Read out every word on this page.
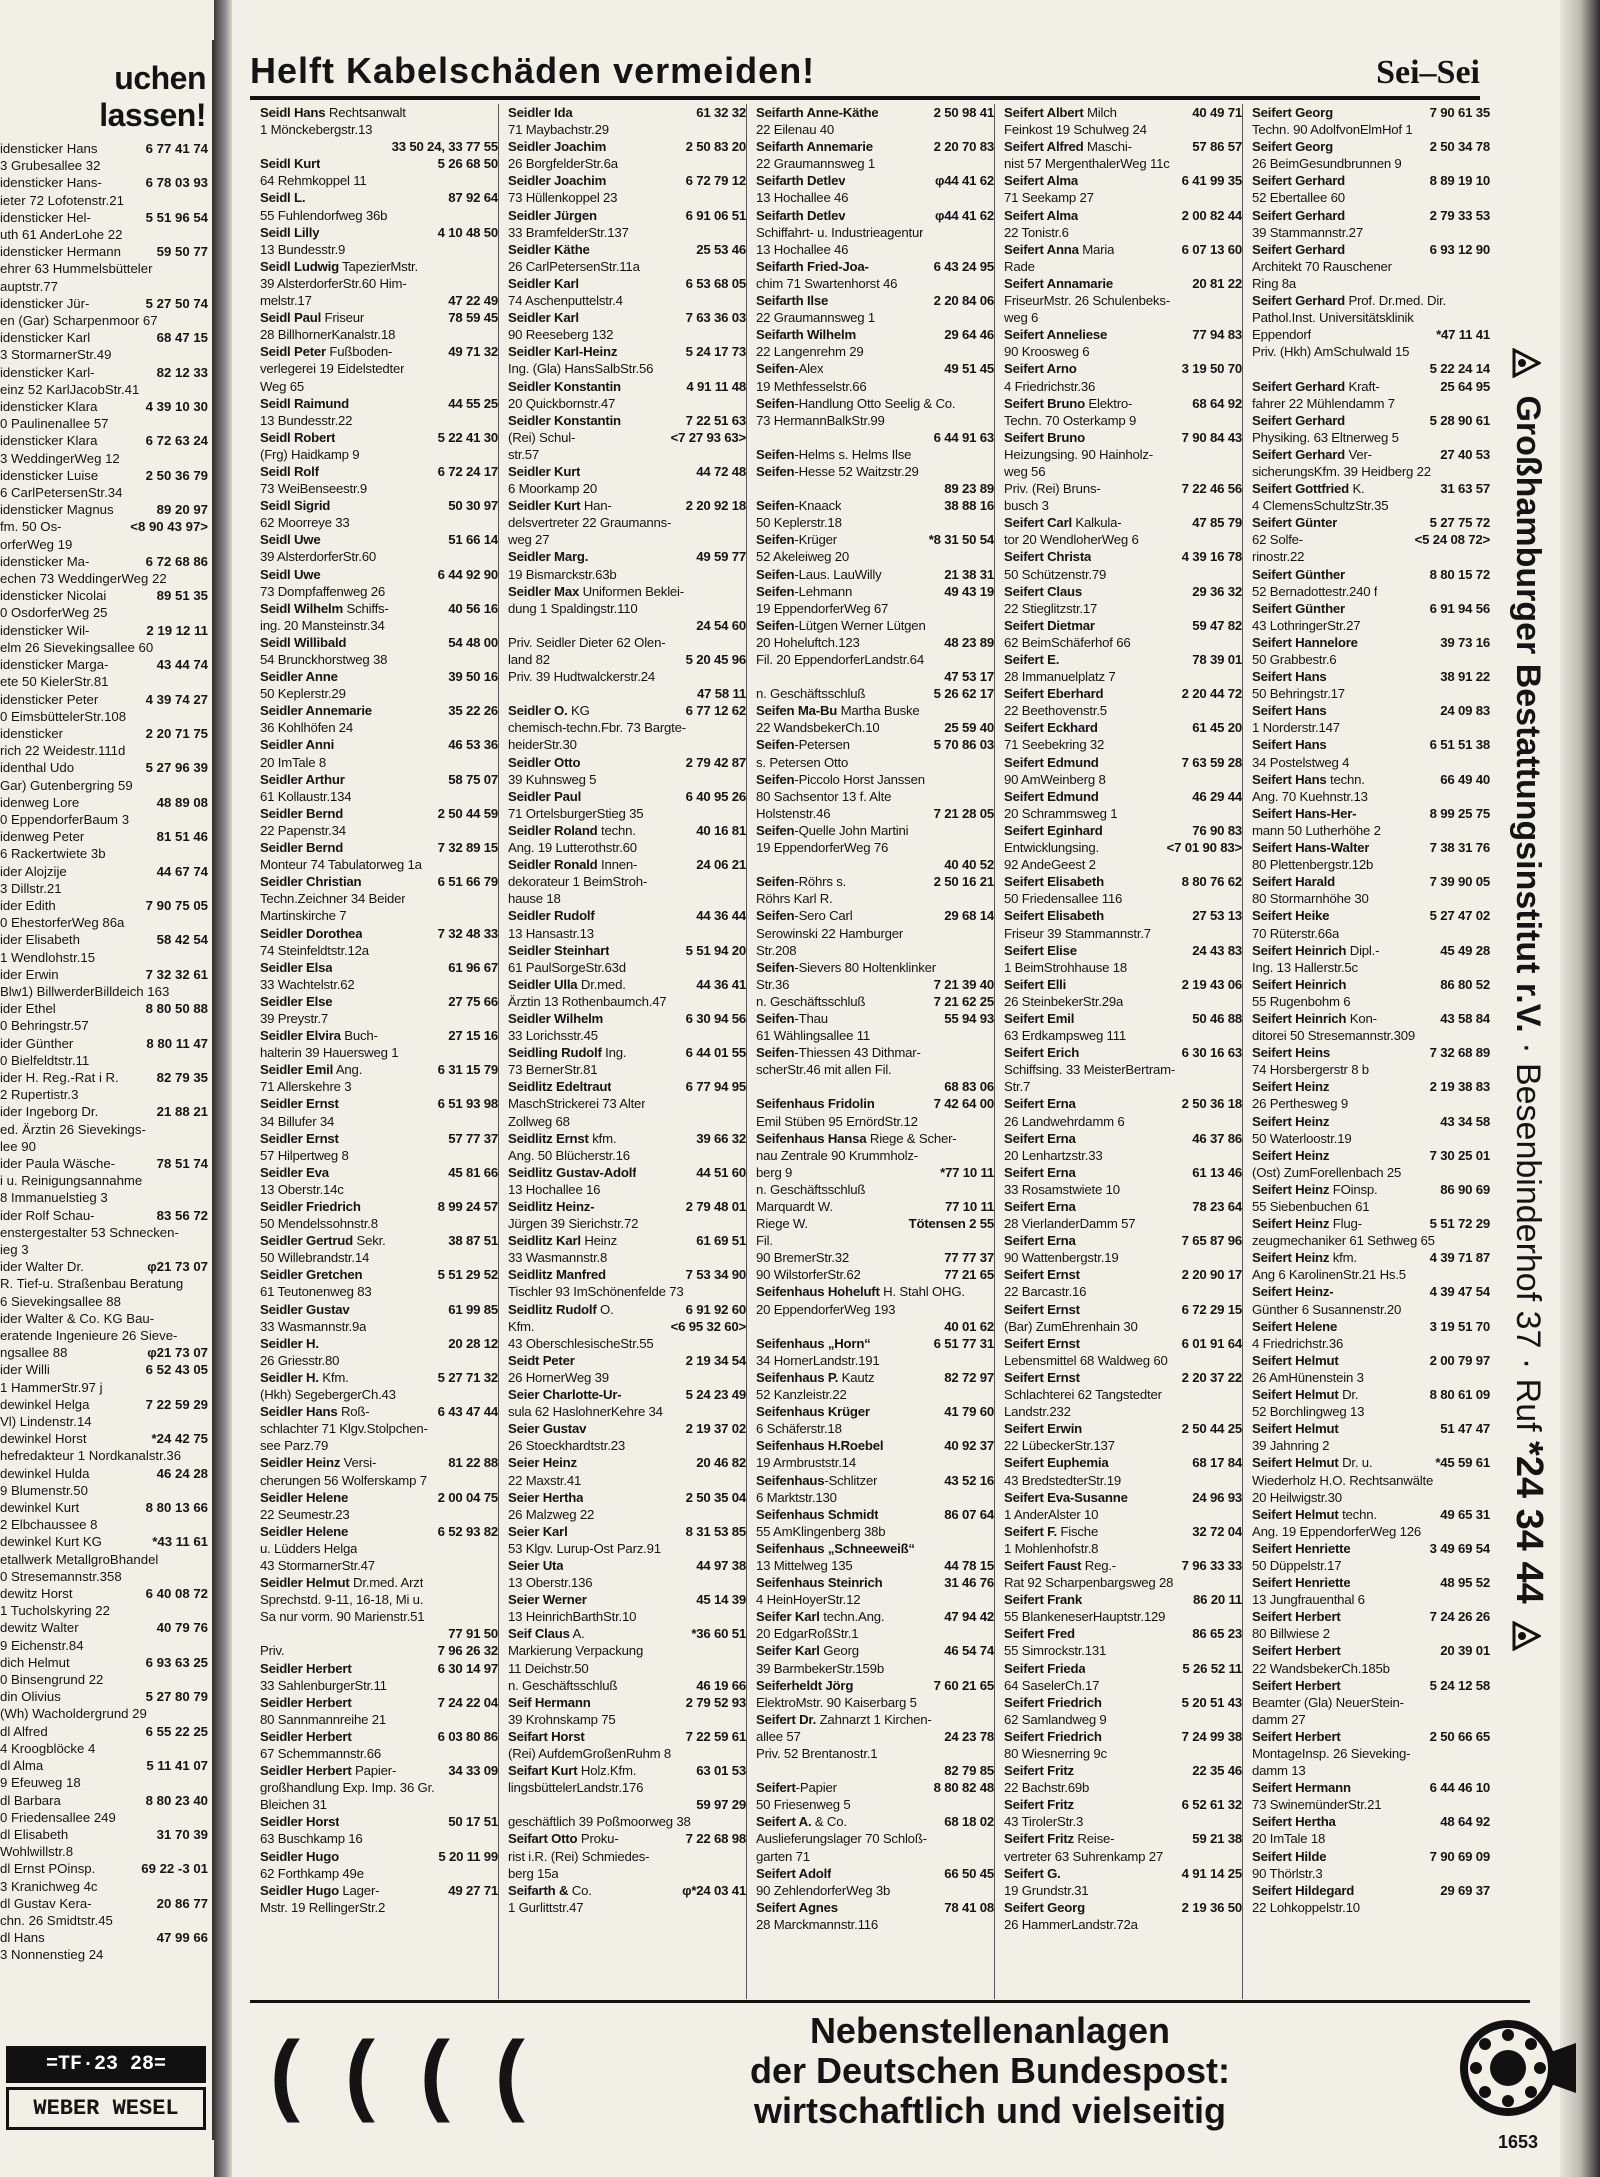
uchen lassen!
idensticker Hans	6 77 41 74
3 Grubesallee 32
idensticker Hans-	6 78 03 93
ieter 72 Lofotenstr.21
idensticker Hel-	5 51 96 54
uth 61 AnderLohe 22
idensticker Hermann	59 50 77
ehrer 63 Hummelsbütteler
auptstr.77
idensticker Jür-	5 27 50 74
en (Gar) Scharpenmoor 67
idensticker Karl	68 47 15
3 StormarnerStr.49
idensticker Karl-	82 12 33
einz 52 KarlJacobStr.41
idensticker Klara	4 39 10 30
0 Paulinenallee 57
idensticker Klara	6 72 63 24
3 WeddingerWeg 12
idensticker Luise	2 50 36 79
6 CarlPetersenStr.34
idensticker Magnus	89 20 97
fm. 50 Os-	<8 90 43 97>
orferWeg 19
idensticker Ma-	6 72 68 86
echen 73 WeddingerWeg 22
idensticker Nicolai	89 51 35
0 OsdorferWeg 25
idensticker Wil-	2 19 12 11
elm 26 Sievekingsallee 60
idensticker Marga-	43 44 74
ete 50 KielerStr.81
idensticker Peter	4 39 74 27
0 EimsbüttelerStr.108
idensticker	2 20 71 75
rich 22 Weidestr.111d
identhal Udo	5 27 96 39
Gar) Gutenbergring 59
idenweg Lore	48 89 08
0 EppendorferBaum 3
idenweg Peter	81 51 46
6 Rackertwiete 3b
ider Alojzije	44 67 74
3 Dillstr.21
ider Edith	7 90 75 05
0 EhestorferWeg 86a
ider Elisabeth	58 42 54
1 Wendlohstr.15
ider Erwin	7 32 32 61
Blw1) BillwerderBilldeich 163
ider Ethel	8 80 50 88
0 Behringstr.57
ider Günther	8 80 11 47
0 Bielfeldtstr.11
ider H. Reg.-Rat i R.	82 79 35
2 Rupertistr.3
ider Ingeborg Dr.	21 88 21
ed. Ärztin 26 Sievekings-
lee 90
ider Paula Wäsche-	78 51 74
i u. Reinigungsannahme
8 Immanuelstieg 3
ider Rolf Schau-	83 56 72
enstergestalter 53 Schnecken-
ieg 3
ider Walter Dr.	φ21 73 07
R. Tief-u. Straßenbau Beratung
6 Sievekingsallee 88
ider Walter & Co. KG Bau-
eratende Ingenieure 26 Sieve-
ngsallee 88	φ21 73 07
ider Willi	6 52 43 05
1 HammerStr.97 j
dewinkel Helga	7 22 59 29
Vl) Lindenstr.14
dewinkel Horst	*24 42 75
hefredakteur 1 Nordkanalstr.36
dewinkel Hulda	46 24 28
9 Blumenstr.50
dewinkel Kurt	8 80 13 66
2 Elbchaussee 8
dewinkel Kurt KG	*43 11 61
etallwerk MetallgroBhandel
0 Stresemannstr.358
dewitz Horst	6 40 08 72
1 Tucholskyring 22
dewitz Walter	40 79 76
9 Eichenstr.84
dich Helmut	6 93 63 25
0 Binsengrund 22
din Olivius	5 27 80 79
(Wh) Wacholdergrund 29
dl Alfred	6 55 22 25
4 Kroogblöcke 4
dl Alma	5 11 41 07
9 Efeuweg 18
dl Barbara	8 80 23 40
0 Friedensallee 249
dl Elisabeth	31 70 39
Wohlwillstr.8
dl Ernst POinsp.	69 22 -3 01
3 Kranichweg 4c
dl Gustav Kera-	20 86 77
chn. 26 Smidtstr.45
dl Hans	47 99 66
3 Nonnenstieg 24
=TF·23 28=
WEBER WESEL
Helft Kabelschäden vermeiden!	Sei–Sei
Seidl Hans Rechtsanwalt
1 Mönckebergstr.13
33 50 24, 33 77 55
Seidl Kurt	5 26 68 50
64 Rehmkoppel 11
Seidl L.	87 92 64
55 Fuhlendorfweg 36b
Seidl Lilly	4 10 48 50
13 Bundesstr.9
Seidl Ludwig TapezierMstr.
39 AlsterdorferStr.60 Him-
melstr.17	47 22 49
Seidl Paul Friseur	78 59 45
28 BillhornerKanalstr.18
Seidl Peter Fußboden-	49 71 32
verlegerei 19 Eidelstedter
Weg 65
Seidl Raimund	44 55 25
13 Bundesstr.22
Seidl Robert	5 22 41 30
(Frg) Haidkamp 9
Seidl Rolf	6 72 24 17
73 WeiBenseestr.9
Seidl Sigrid	50 30 97
62 Moorreye 33
Seidl Uwe	51 66 14
39 AlsterdorferStr.60
Seidl Uwe	6 44 92 90
73 Dompfaffenweg 26
Seidl Wilhelm Schiffs-	40 56 16
ing. 20 Mansteinstr.34
Seidl Willibald	54 48 00
54 Brunckhorstweg 38
Seidler Anne	39 50 16
50 Keplerstr.29
Seidler Annemarie	35 22 26
36 Kohlhöfen 24
Seidler Anni	46 53 36
20 ImTale 8
Seidler Arthur	58 75 07
61 Kollaustr.134
Seidler Bernd	2 50 44 59
22 Papenstr.34
Seidler Bernd	7 32 89 15
Monteur 74 Tabulatorweg 1a
Seidler Christian	6 51 66 79
Techn.Zeichner 34 Beider
Martinskirche 7
Seidler Dorothea	7 32 48 33
74 Steinfeldtstr.12a
Seidler Elsa	61 96 67
33 Wachtelstr.62
Seidler Else	27 75 66
39 Preystr.7
Seidler Elvira Buch-	27 15 16
halterin 39 Hauersweg 1
Seidler Emil Ang.	6 31 15 79
71 Allerskehre 3
Seidler Ernst	6 51 93 98
34 Billufer 34
Seidler Ernst	57 77 37
57 Hilpertweg 8
Seidler Eva	45 81 66
13 Oberstr.14c
Seidler Friedrich	8 99 24 57
50 Mendelssohnstr.8
Seidler Gertrud Sekr.	38 87 51
50 Willebrandstr.14
Seidler Gretchen	5 51 29 52
61 Teutonenweg 83
Seidler Gustav	61 99 85
33 Wasmannstr.9a
Seidler H.	20 28 12
26 Griesstr.80
Seidler H. Kfm.	5 27 71 32
(Hkh) SegebergerCh.43
Seidler Hans Roß-	6 43 47 44
schlachter 71 Klgv.Stolpchen-
see Parz.79
Seidler Heinz Versi-	81 22 88
cherungen 56 Wolferskamp 7
Seidler Helene	2 00 04 75
22 Seumestr.23
Seidler Helene	6 52 93 82
u. Lüdders Helga
43 StormarnerStr.47
Seidler Helmut Dr.med. Arzt
Sprechstd. 9-11, 16-18, Mi u.
Sa nur vorm. 90 Marienstr.51
77 91 50
Priv.	7 96 26 32
Seidler Herbert	6 30 14 97
33 SahlenburgerStr.11
Seidler Herbert	7 24 22 04
80 Sannmannreihe 21
Seidler Herbert	6 03 80 86
67 Schemmannstr.66
Seidler Herbert Papier-	34 33 09
großhandlung Exp. Imp. 36 Gr.
Bleichen 31
Seidler Horst	50 17 51
63 Buschkamp 16
Seidler Hugo	5 20 11 99
62 Forthkamp 49e
Seidler Hugo Lager-	49 27 71
Mstr. 19 RellingerStr.2
Seidler Ida	61 32 32
71 Maybachstr.29
Seidler Joachim	2 50 83 20
26 BorgfelderStr.6a
Seidler Joachim	6 72 79 12
73 Hüllenkoppel 23
Seidler Jürgen	6 91 06 51
33 BramfelderStr.137
Seidler Käthe	25 53 46
26 CarlPetersenStr.11a
Seidler Karl	6 53 68 05
74 Aschenputtelstr.4
Seidler Karl	7 63 36 03
90 Reeseberg 132
Seidler Karl-Heinz	5 24 17 73
Ing. (Gla) HansSalbStr.56
Seidler Konstantin	4 91 11 48
20 Quickbornstr.47
Seidler Konstantin	7 22 51 63
(Rei) Schul-	<7 27 93 63>
str.57
Seidler Kurt	44 72 48
6 Moorkamp 20
Seidler Kurt Han-	2 20 92 18
delsvertreter 22 Graumanns-
weg 27
Seidler Marg.	49 59 77
19 Bismarckstr.63b
Seidler Max Uniformen Beklei-
dung 1 Spaldingstr.110
24 54 60
Priv. Seidler Dieter 62 Olen-
land 82	5 20 45 96
Priv. 39 Hudtwalckerstr.24
47 58 11
Seidler O. KG	6 77 12 62
chemisch-techn.Fbr. 73 Bargte-
heiderStr.30
Seidler Otto	2 79 42 87
39 Kuhnsweg 5
Seidler Paul	6 40 95 26
71 OrtelsburgerStieg 35
Seidler Roland techn.	40 16 81
Ang. 19 Lutterothstr.60
Seidler Ronald Innen-	24 06 21
dekorateur 1 BeimStroh-
hause 18
Seidler Rudolf	44 36 44
13 Hansastr.13
Seidler Steinhart	5 51 94 20
61 PaulSorgeStr.63d
Seidler Ulla Dr.med.	44 36 41
Ärztin 13 Rothenbaumch.47
Seidler Wilhelm	6 30 94 56
33 Lorichsstr.45
Seidling Rudolf Ing.	6 44 01 55
73 BernerStr.81
Seidlitz Edeltraut	6 77 94 95
MaschStrickerei 73 Alter
Zollweg 68
Seidlitz Ernst kfm.	39 66 32
Ang. 50 Blücherstr.16
Seidlitz Gustav-Adolf	44 51 60
13 Hochallee 16
Seidlitz Heinz-	2 79 48 01
Jürgen 39 Sierichstr.72
Seidlitz Karl Heinz	61 69 51
33 Wasmannstr.8
Seidlitz Manfred	7 53 34 90
Tischler 93 ImSchönenfelde 73
Seidlitz Rudolf O.	6 91 92 60
Kfm.	<6 95 32 60>
43 OberschlesischeStr.55
Seidt Peter	2 19 34 54
26 HornerWeg 39
Seier Charlotte-Ur-	5 24 23 49
sula 62 HaslohnerKehre 34
Seier Gustav	2 19 37 02
26 Stoeckhardtstr.23
Seier Heinz	20 46 82
22 Maxstr.41
Seier Hertha	2 50 35 04
26 Malzweg 22
Seier Karl	8 31 53 85
53 Klgv. Lurup-Ost Parz.91
Seier Uta	44 97 38
13 Oberstr.136
Seier Werner	45 14 39
13 HeinrichBarthStr.10
Seif Claus A.	*36 60 51
Markierung Verpackung
11 Deichstr.50
n. Geschäftsschluß	46 19 66
Seif Hermann	2 79 52 93
39 Krohnskamp 75
Seifart Horst	7 22 59 61
(Rei) AufdemGroßenRuhm 8
Seifart Kurt Holz.Kfm.	63 01 53
lingsbüttelerLandstr.176
59 97 29
geschäftlich 39 Poßmoorweg 38
Seifart Otto Proku-	7 22 68 98
rist i.R. (Rei) Schmiedes-
berg 15a
Seifarth & Co.	φ*24 03 41
1 Gurlittstr.47
Seifarth Anne-Käthe	2 50 98 41
22 Eilenau 40
Seifarth Annemarie	2 20 70 83
22 Graumannsweg 1
Seifarth Detlev	φ44 41 62
13 Hochallee 46
Seifarth Detlev	φ44 41 62
Schiffahrt- u. Industrieagentur
13 Hochallee 46
Seifarth Fried-Joa-	6 43 24 95
chim 71 Swartenhorst 46
Seifarth Ilse	2 20 84 06
22 Graumannsweg 1
Seifarth Wilhelm	29 64 46
22 Langenrehm 29
Seifen-Alex	49 51 45
19 Methfesselstr.66
Seifen-Handlung Otto Seelig & Co.
73 HermannBalkStr.99
6 44 91 63
Seifen-Helms s. Helms Ilse
Seifen-Hesse 52 Waitzstr.29
89 23 89
Seifen-Knaack	38 88 16
50 Keplerstr.18
Seifen-Krüger	*8 31 50 54
52 Akeleiweg 20
Seifen-Laus. LauWilly	21 38 31
Seifen-Lehmann	49 43 19
19 EppendorferWeg 67
Seifen-Lütgen Werner Lütgen
20 Hoheluftch.123	48 23 89
Fil. 20 EppendorferLandstr.64
47 53 17
n. Geschäftsschluß	5 26 62 17
Seifen Ma-Bu Martha Buske
22 WandsbekerCh.10	25 59 40
Seifen-Petersen	5 70 86 03
s. Petersen Otto
Seifen-Piccolo Horst Janssen
80 Sachsentor 13 f. Alte
Holstenstr.46	7 21 28 05
Seifen-Quelle John Martini
19 EppendorferWeg 76
40 40 52
Seifen-Röhrs s.	2 50 16 21
Röhrs Karl R.
Seifen-Sero Carl	29 68 14
Serowinski 22 Hamburger
Str.208
Seifen-Sievers 80 Holtenklinker
Str.36	7 21 39 40
n. Geschäftsschluß	7 21 62 25
Seifen-Thau	55 94 93
61 Wählingsallee 11
Seifen-Thiessen 43 Dithmar-
scherStr.46 mit allen Fil.
68 83 06
Seifenhaus Fridolin	7 42 64 00
Emil Stüben 95 ErnördStr.12
Seifenhaus Hansa Riege & Scher-
nau Zentrale 90 Krummholz-
berg 9	*77 10 11
n. Geschäftsschluß
Marquardt W.	77 10 11
Riege W.	Tötensen 2 55
Fil.
90 BremerStr.32	77 77 37
90 WilstorferStr.62	77 21 65
Seifenhaus Hoheluft H. Stahl OHG.
20 EppendorferWeg 193
40 01 62
Seifenhaus „Horn“	6 51 77 31
34 HornerLandstr.191
Seifenhaus P. Kautz	82 72 97
52 Kanzleistr.22
Seifenhaus Krüger	41 79 60
6 Schäferstr.18
Seifenhaus H.Roebel	40 92 37
19 Armbruststr.14
Seifenhaus-Schlitzer	43 52 16
6 Marktstr.130
Seifenhaus Schmidt	86 07 64
55 AmKlingenberg 38b
Seifenhaus „Schneeweiß“
13 Mittelweg 135	44 78 15
Seifenhaus Steinrich	31 46 76
4 HeinHoyerStr.12
Seifer Karl techn.Ang.	47 94 42
20 EdgarRoßStr.1
Seifer Karl Georg	46 54 74
39 BarmbekerStr.159b
Seiferheldt Jörg	7 60 21 65
ElektroMstr. 90 Kaiserbarg 5
Seifert Dr. Zahnarzt 1 Kirchen-
allee 57	24 23 78
Priv. 52 Brentanostr.1
82 79 85
Seifert-Papier	8 80 82 48
50 Friesenweg 5
Seifert A. & Co.	68 18 02
Auslieferungslager 70 Schloß-
garten 71
Seifert Adolf	66 50 45
90 ZehlendorferWeg 3b
Seifert Agnes	78 41 08
28 Marckmannstr.116
Seifert Albert Milch	40 49 71
Feinkost 19 Schulweg 24
Seifert Alfred Maschi-	57 86 57
nist 57 MergenthalerWeg 11c
Seifert Alma	6 41 99 35
71 Seekamp 27
Seifert Alma	2 00 82 44
22 Tonistr.6
Seifert Anna Maria	6 07 13 60
Rade
Seifert Annamarie	20 81 22
FriseurMstr. 26 Schulenbeks-
weg 6
Seifert Anneliese	77 94 83
90 Kroosweg 6
Seifert Arno	3 19 50 70
4 Friedrichstr.36
Seifert Bruno Elektro-	68 64 92
Techn. 70 Osterkamp 9
Seifert Bruno	7 90 84 43
Heizungsing. 90 Hainholz-
weg 56
Priv. (Rei) Bruns-	7 22 46 56
busch 3
Seifert Carl Kalkula-	47 85 79
tor 20 WendloherWeg 6
Seifert Christa	4 39 16 78
50 Schützenstr.79
Seifert Claus	29 36 32
22 Stieglitzstr.17
Seifert Dietmar	59 47 82
62 BeimSchäferhof 66
Seifert E.	78 39 01
28 Immanuelplatz 7
Seifert Eberhard	2 20 44 72
22 Beethovenstr.5
Seifert Eckhard	61 45 20
71 Seebekring 32
Seifert Edmund	7 63 59 28
90 AmWeinberg 8
Seifert Edmund	46 29 44
20 Schrammsweg 1
Seifert Eginhard	76 90 83
Entwicklungsing.	<7 01 90 83>
92 AndeGeest 2
Seifert Elisabeth	8 80 76 62
50 Friedensallee 116
Seifert Elisabeth	27 53 13
Friseur 39 Stammannstr.7
Seifert Elise	24 43 83
1 BeimStrohhause 18
Seifert Elli	2 19 43 06
26 SteinbekerStr.29a
Seifert Emil	50 46 88
63 Erdkampsweg 111
Seifert Erich	6 30 16 63
Schiffsing. 33 MeisterBertram-
Str.7
Seifert Erna	2 50 36 18
26 Landwehrdamm 6
Seifert Erna	46 37 86
20 Lenhartzstr.33
Seifert Erna	61 13 46
33 Rosamstwiete 10
Seifert Erna	78 23 64
28 VierlanderDamm 57
Seifert Erna	7 65 87 96
90 Wattenbergstr.19
Seifert Ernst	2 20 90 17
22 Barcastr.16
Seifert Ernst	6 72 29 15
(Bar) ZumEhrenhain 30
Seifert Ernst	6 01 91 64
Lebensmittel 68 Waldweg 60
Seifert Ernst	2 20 37 22
Schlachterei 62 Tangstedter
Landstr.232
Seifert Erwin	2 50 44 25
22 LübeckerStr.137
Seifert Euphemia	68 17 84
43 BredstedterStr.19
Seifert Eva-Susanne	24 96 93
1 AnderAlster 10
Seifert F. Fische	32 72 04
1 Mohlenhofstr.8
Seifert Faust Reg.-	7 96 33 33
Rat 92 Scharpenbargsweg 28
Seifert Frank	86 20 11
55 BlankeneserHauptstr.129
Seifert Fred	86 65 23
55 Simrockstr.131
Seifert Frieda	5 26 52 11
64 SaselerCh.17
Seifert Friedrich	5 20 51 43
62 Samlandweg 9
Seifert Friedrich	7 24 99 38
80 Wiesnerring 9c
Seifert Fritz	22 35 46
22 Bachstr.69b
Seifert Fritz	6 52 61 32
43 TirolerStr.3
Seifert Fritz Reise-	59 21 38
vertreter 63 Suhrenkamp 27
Seifert G.	4 91 14 25
19 Grundstr.31
Seifert Georg	2 19 36 50
26 HammerLandstr.72a
Seifert Georg	7 90 61 35
Techn. 90 AdolfvonElmHof 1
Seifert Georg	2 50 34 78
26 BeimGesundbrunnen 9
Seifert Gerhard	8 89 19 10
52 Ebertallee 60
Seifert Gerhard	2 79 33 53
39 Stammannstr.27
Seifert Gerhard	6 93 12 90
Architekt 70 Rauschener
Ring 8a
Seifert Gerhard Prof. Dr.med. Dir.
Pathol.Inst. Universitätsklinik
Eppendorf	*47 11 41
Priv. (Hkh) AmSchulwald 15
5 22 24 14
Seifert Gerhard Kraft-	25 64 95
fahrer 22 Mühlendamm 7
Seifert Gerhard	5 28 90 61
Physiking. 63 Eltnerweg 5
Seifert Gerhard Ver-	27 40 53
sicherungsKfm. 39 Heidberg 22
Seifert Gottfried K.	31 63 57
4 ClemensSchultzStr.35
Seifert Günter	5 27 75 72
62 Solfe-	<5 24 08 72>
rinostr.22
Seifert Günther	8 80 15 72
52 Bernadottestr.240 f
Seifert Günther	6 91 94 56
43 LothringerStr.27
Seifert Hannelore	39 73 16
50 Grabbestr.6
Seifert Hans	38 91 22
50 Behringstr.17
Seifert Hans	24 09 83
1 Norderstr.147
Seifert Hans	6 51 51 38
34 Postelstweg 4
Seifert Hans techn.	66 49 40
Ang. 70 Kuehnstr.13
Seifert Hans-Her-	8 99 25 75
mann 50 Lutherhöhe 2
Seifert Hans-Walter	7 38 31 76
80 Plettenbergstr.12b
Seifert Harald	7 39 90 05
80 Stormarnhöhe 30
Seifert Heike	5 27 47 02
70 Rüterstr.66a
Seifert Heinrich Dipl.-	45 49 28
Ing. 13 Hallerstr.5c
Seifert Heinrich	86 80 52
55 Rugenbohm 6
Seifert Heinrich Kon-	43 58 84
ditorei 50 Stresemannstr.309
Seifert Heins	7 32 68 89
74 Horsbergerstr 8 b
Seifert Heinz	2 19 38 83
26 Perthesweg 9
Seifert Heinz	43 34 58
50 Waterloostr.19
Seifert Heinz	7 30 25 01
(Ost) ZumForellenbach 25
Seifert Heinz FOinsp.	86 90 69
55 Siebenbuchen 61
Seifert Heinz Flug-	5 51 72 29
zeugmechaniker 61 Sethweg 65
Seifert Heinz kfm.	4 39 71 87
Ang 6 KarolinenStr.21 Hs.5
Seifert Heinz-	4 39 47 54
Günther 6 Susannenstr.20
Seifert Helene	3 19 51 70
4 Friedrichstr.36
Seifert Helmut	2 00 79 97
26 AmHünenstein 3
Seifert Helmut Dr.	8 80 61 09
52 Borchlingweg 13
Seifert Helmut	51 47 47
39 Jahnring 2
Seifert Helmut Dr. u.	*45 59 61
Wiederholz H.O. Rechtsanwälte
20 Heilwigstr.30
Seifert Helmut techn.	49 65 31
Ang. 19 EppendorferWeg 126
Seifert Henriette	3 49 69 54
50 Düppelstr.17
Seifert Henriette	48 95 52
13 Jungfrauenthal 6
Seifert Herbert	7 24 26 26
80 Billwiese 2
Seifert Herbert	20 39 01
22 WandsbekerCh.185b
Seifert Herbert	5 24 12 58
Beamter (Gla) NeuerStein-
damm 27
Seifert Herbert	2 50 66 65
MontageInsp. 26 Sieveking-
damm 13
Seifert Hermann	6 44 46 10
73 SwinemünderStr.21
Seifert Hertha	48 64 92
20 ImTale 18
Seifert Hilde	7 90 69 09
90 Thörlstr.3
Seifert Hildegard	29 69 37
22 Lohkoppelstr.10
Großhamburger Bestattungsinstitut r.V. · Besenbinderhof 37 · Ruf *24 34 44
( ( ( (	Nebenstellenanlagen
der Deutschen Bundespost:
wirtschaftlich und vielseitig
1653
